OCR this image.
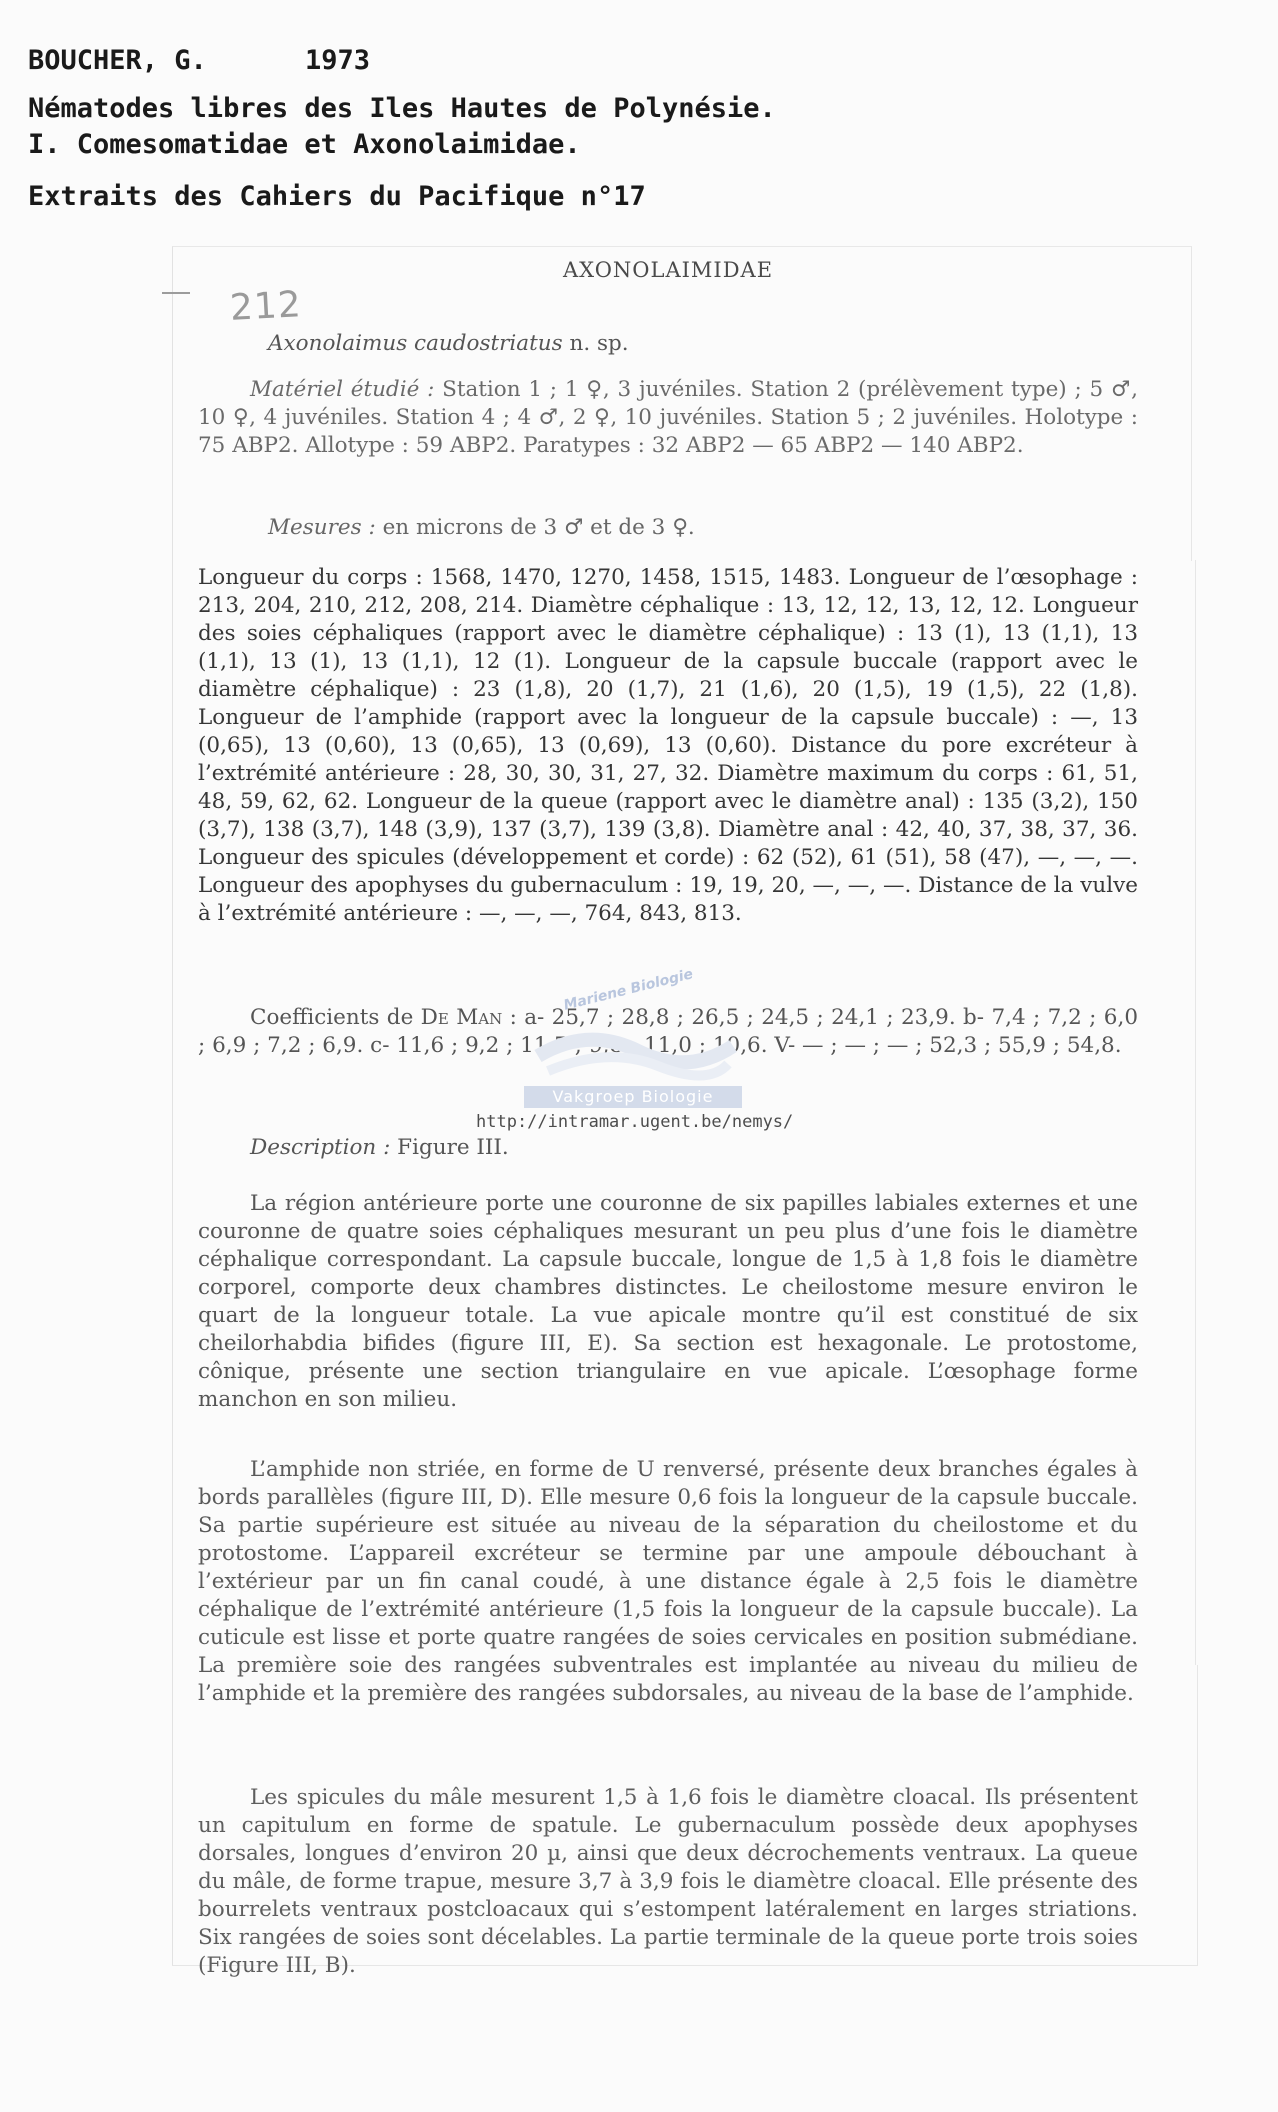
BOUCHER, G.	1973
Nématodes libres des Iles Hautes de Polynésie.
I. Comesomatidae et Axonolaimidae.
Extraits des Cahiers du Pacifique n°17
212
AXONOLAIMIDAE
Axonolaimus caudostriatus n. sp.

Matériel étudié : Station 1 ; 1 ♀, 3 juvéniles. Station 2 (prélèvement type) ; 5 ♂, 10 ♀, 4 juvéniles. Station 4 ; 4 ♂, 2 ♀, 10 juvéniles. Station 5 ; 2 juvéniles. Holotype : 75 ABP2. Allotype : 59 ABP2. Paratypes : 32 ABP2 — 65 ABP2 — 140 ABP2.

Mesures : en microns de 3 ♂ et de 3 ♀.

Longueur du corps : 1568, 1470, 1270, 1458, 1515, 1483. Longueur de l’œsophage : 213, 204, 210, 212, 208, 214. Diamètre céphalique : 13, 12, 12, 13, 12, 12. Longueur des soies céphaliques (rapport avec le diamètre céphalique) : 13 (1), 13 (1,1), 13 (1,1), 13 (1), 13 (1,1), 12 (1). Longueur de la capsule buccale (rapport avec le diamètre céphalique) : 23 (1,8), 20 (1,7), 21 (1,6), 20 (1,5), 19 (1,5), 22 (1,8). Longueur de l’amphide (rapport avec la longueur de la capsule buccale) : —, 13 (0,65), 13 (0,60), 13 (0,65), 13 (0,69), 13 (0,60). Distance du pore excréteur à l’extrémité antérieure : 28, 30, 30, 31, 27, 32. Diamètre maximum du corps : 61, 51, 48, 59, 62, 62. Longueur de la queue (rapport avec le diamètre anal) : 135 (3,2), 150 (3,7), 138 (3,7), 148 (3,9), 137 (3,7), 139 (3,8). Diamètre anal : 42, 40, 37, 38, 37, 36. Longueur des spicules (développement et corde) : 62 (52), 61 (51), 58 (47), —, —, —. Longueur des apophyses du gubernaculum : 19, 19, 20, —, —, —. Distance de la vulve à l’extrémité antérieure : —, —, —, 764, 843, 813.

Coefficients de De Man : a- 25,7 ; 28,8 ; 26,5 ; 24,5 ; 24,1 ; 23,9. b- 7,4 ; 7,2 ; 6,0 ; 6,9 ; 7,2 ; 6,9. c- 11,6 ; 9,2 ; 11,7 ; 9,8 ; 11,0 ; 10,6. V- — ; — ; — ; 52,3 ; 55,9 ; 54,8.

Mariene Biologie
Vakgroep Biologie
http://intramar.ugent.be/nemys/
Description : Figure III.

La région antérieure porte une couronne de six papilles labiales externes et une couronne de quatre soies céphaliques mesurant un peu plus d’une fois le diamètre céphalique correspondant. La capsule buccale, longue de 1,5 à 1,8 fois le diamètre corporel, comporte deux chambres distinctes. Le cheilostome mesure environ le quart de la longueur totale. La vue apicale montre qu’il est constitué de six cheilorhabdia bifides (figure III, E). Sa section est hexagonale. Le protostome, cônique, présente une section triangulaire en vue apicale. L’œsophage forme manchon en son milieu.

L’amphide non striée, en forme de U renversé, présente deux branches égales à bords parallèles (figure III, D). Elle mesure 0,6 fois la longueur de la capsule buccale. Sa partie supérieure est située au niveau de la séparation du cheilostome et du protostome. L’appareil excréteur se termine par une ampoule débouchant à l’extérieur par un fin canal coudé, à une distance égale à 2,5 fois le diamètre céphalique de l’extrémité antérieure (1,5 fois la longueur de la capsule buccale). La cuticule est lisse et porte quatre rangées de soies cervicales en position submédiane. La première soie des rangées subventrales est implantée au niveau du milieu de l’amphide et la première des rangées subdorsales, au niveau de la base de l’amphide.

Les spicules du mâle mesurent 1,5 à 1,6 fois le diamètre cloacal. Ils présentent un capitulum en forme de spatule. Le gubernaculum possède deux apophyses dorsales, longues d’environ 20 µ, ainsi que deux décrochements ventraux. La queue du mâle, de forme trapue, mesure 3,7 à 3,9 fois le diamètre cloacal. Elle présente des bourrelets ventraux postcloacaux qui s’estompent latéralement en larges striations. Six rangées de soies sont décelables. La partie terminale de la queue porte trois soies (Figure III, B).
